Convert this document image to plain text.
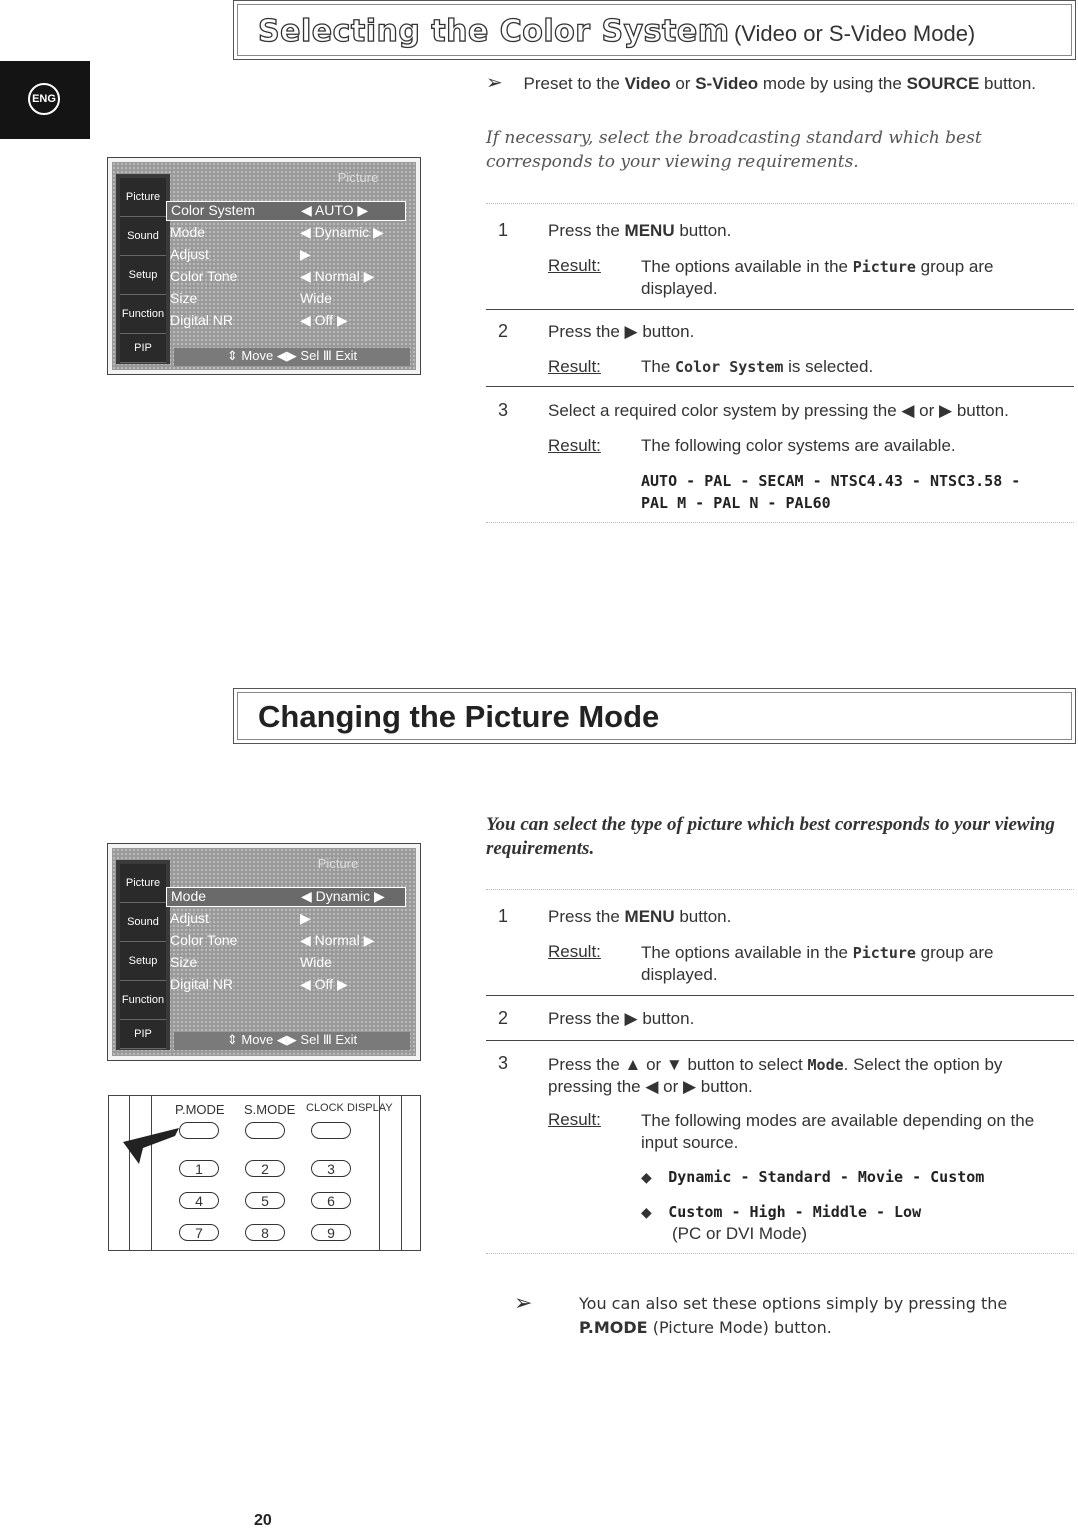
Selecting the Color System (Video or S-Video Mode)
ENG
➢ Preset to the Video or S-Video mode by using the SOURCE button.
If necessary, select the broadcasting standard which best corresponds to your viewing requirements.
Picture
Picture
Sound
Setup
Function
PIP
Color System	◀ AUTO ▶
Mode	◀ Dynamic ▶
Adjust	▶
Color Tone	◀ Normal ▶
Size	Wide
Digital NR	◀ Off ▶
⇕ Move ◀▶ Sel Ⅲ Exit
1 Press the MENU button.
Result: The options available in the Picture group are displayed.
2 Press the ▶ button.
Result: The Color System is selected.
3 Select a required color system by pressing the ◀ or ▶ button.
Result: The following color systems are available.
AUTO - PAL - SECAM - NTSC4.43 - NTSC3.58 -
PAL M - PAL N - PAL60
Changing the Picture Mode
You can select the type of picture which best corresponds to your viewing requirements.
Picture
Picture
Sound
Setup
Function
PIP
Mode	◀ Dynamic ▶
Adjust	▶
Color Tone	◀ Normal ▶
Size	Wide
Digital NR	◀ Off ▶
⇕ Move ◀▶ Sel Ⅲ Exit
P.MODE S.MODE CLOCK DISPLAY
1	2	3
4	5	6
7	8	9
1 Press the MENU button.
Result: The options available in the Picture group are displayed.
2 Press the ▶ button.
3 Press the ▲ or ▼ button to select Mode. Select the option by pressing the ◀ or ▶ button.
Result: The following modes are available depending on the input source.
◆ Dynamic - Standard - Movie - Custom
◆ Custom - High - Middle - Low
(PC or DVI Mode)
➢	You can also set these options simply by pressing the P.MODE (Picture Mode) button.
20
